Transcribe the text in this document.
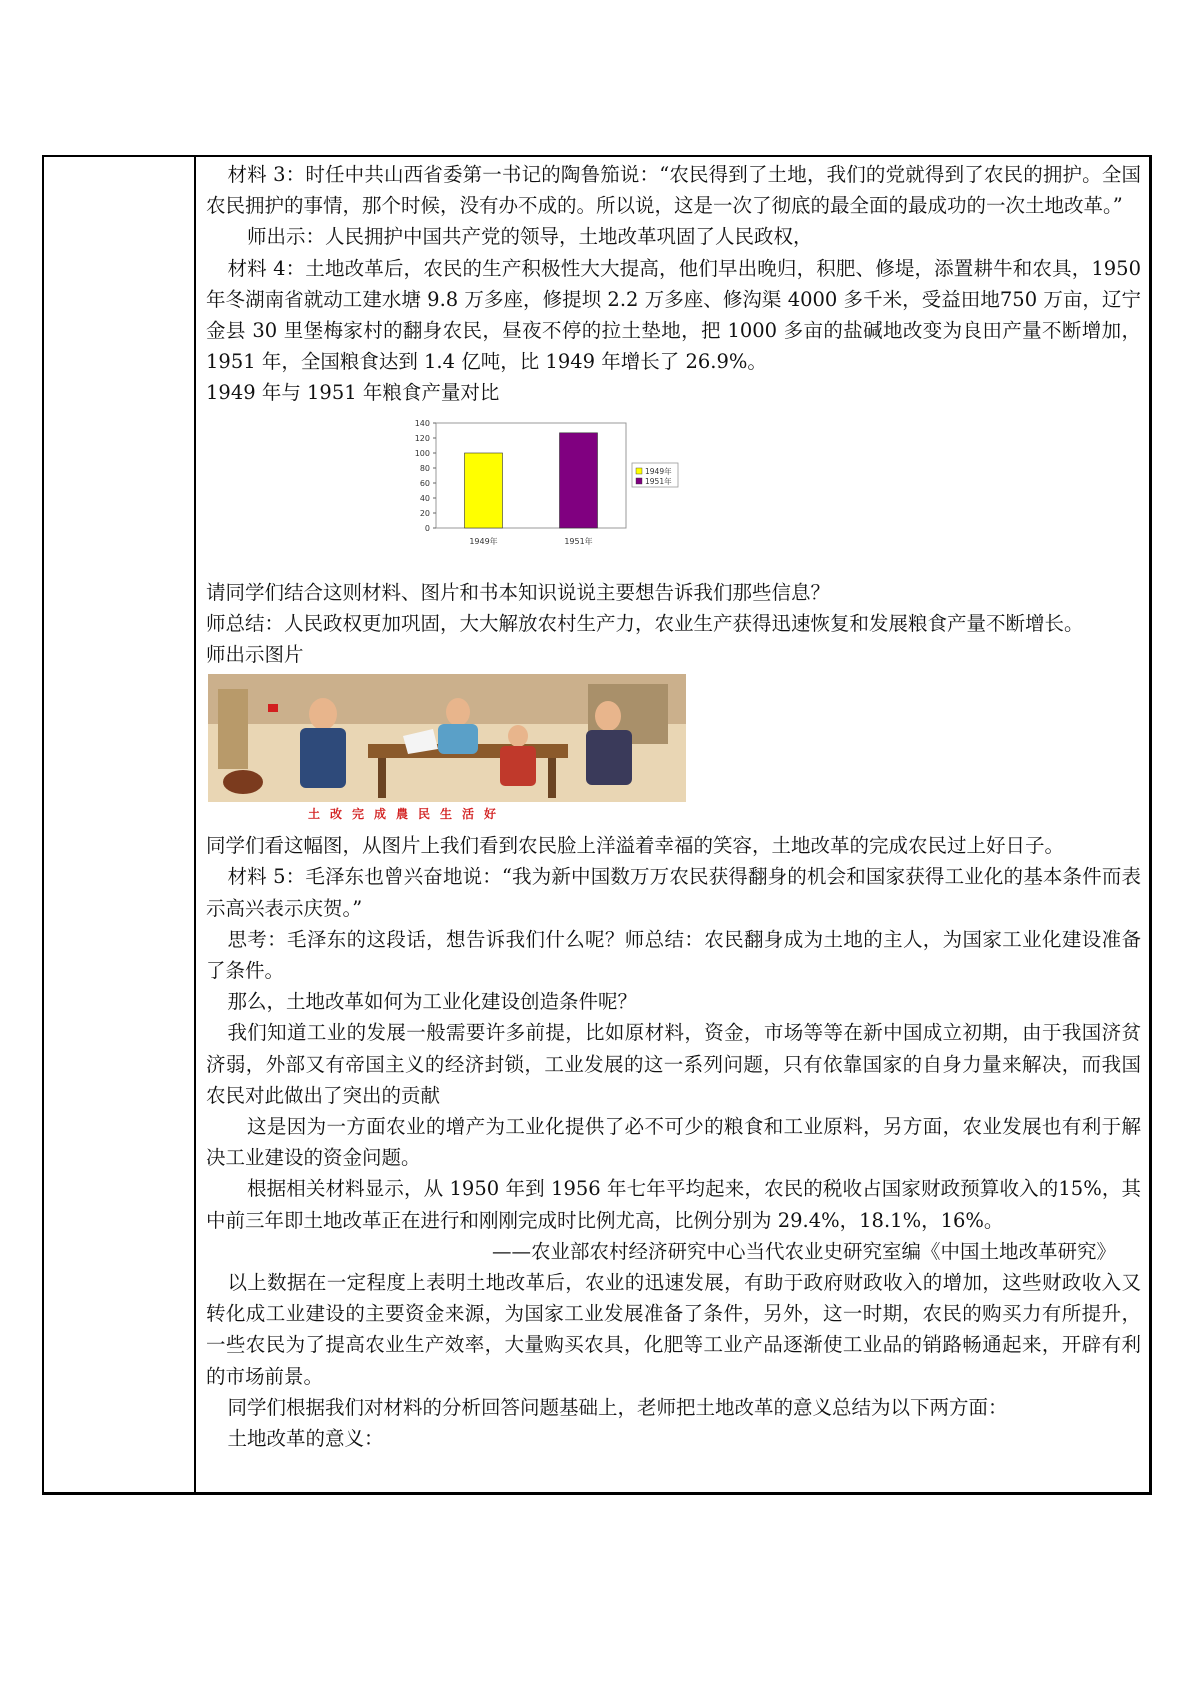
材料 3：时任中共山西省委第一书记的陶鲁笳说：“农民得到了土地，我们的党就得到了农民的拥护。全国农民拥护的事情，那个时候，没有办不成的。所以说，这是一次了彻底的最全面的最成功的一次土地改革。”

师出示：人民拥护中国共产党的领导，土地改革巩固了人民政权，

材料 4：土地改革后，农民的生产积极性大大提高，他们早出晚归，积肥、修堤，添置耕牛和农具，1950 年冬湖南省就动工建水塘 9.8 万多座，修提坝 2.2 万多座、修沟渠 4000 多千米，受益田地750 万亩，辽宁金县 30 里堡梅家村的翻身农民，昼夜不停的拉土垫地，把 1000 多亩的盐碱地改变为良田产量不断增加，1951 年，全国粮食达到 1.4 亿吨，比 1949 年增长了 26.9%。

1949 年与 1951 年粮食产量对比

0
20
40
60
80
100
120
140
1949年	1951年
1949年
1951年

请同学们结合这则材料、图片和书本知识说说主要想告诉我们那些信息？

师总结：人民政权更加巩固，大大解放农村生产力，农业生产获得迅速恢复和发展粮食产量不断增长。

师出示图片

土改完成農民生活好

同学们看这幅图，从图片上我们看到农民脸上洋溢着幸福的笑容，土地改革的完成农民过上好日子。

材料 5：毛泽东也曾兴奋地说：“我为新中国数万万农民获得翻身的机会和国家获得工业化的基本条件而表示高兴表示庆贺。”

思考：毛泽东的这段话，想告诉我们什么呢？师总结：农民翻身成为土地的主人，为国家工业化建设准备了条件。

那么，土地改革如何为工业化建设创造条件呢？

我们知道工业的发展一般需要许多前提，比如原材料，资金，市场等等在新中国成立初期，由于我国济贫济弱，外部又有帝国主义的经济封锁，工业发展的这一系列问题，只有依靠国家的自身力量来解决，而我国农民对此做出了突出的贡献

这是因为一方面农业的增产为工业化提供了必不可少的粮食和工业原料，另方面，农业发展也有利于解决工业建设的资金问题。

根据相关材料显示，从 1950 年到 1956 年七年平均起来，农民的税收占国家财政预算收入的15%，其中前三年即土地改革正在进行和刚刚完成时比例尤高，比例分别为 29.4%，18.1%，16%。

——农业部农村经济研究中心当代农业史研究室编《中国土地改革研究》

以上数据在一定程度上表明土地改革后，农业的迅速发展，有助于政府财政收入的增加，这些财政收入又转化成工业建设的主要资金来源，为国家工业发展准备了条件，另外，这一时期，农民的购买力有所提升，一些农民为了提高农业生产效率，大量购买农具，化肥等工业产品逐渐使工业品的销路畅通起来，开辟有利的市场前景。

同学们根据我们对材料的分析回答问题基础上，老师把土地改革的意义总结为以下两方面：

土地改革的意义：
